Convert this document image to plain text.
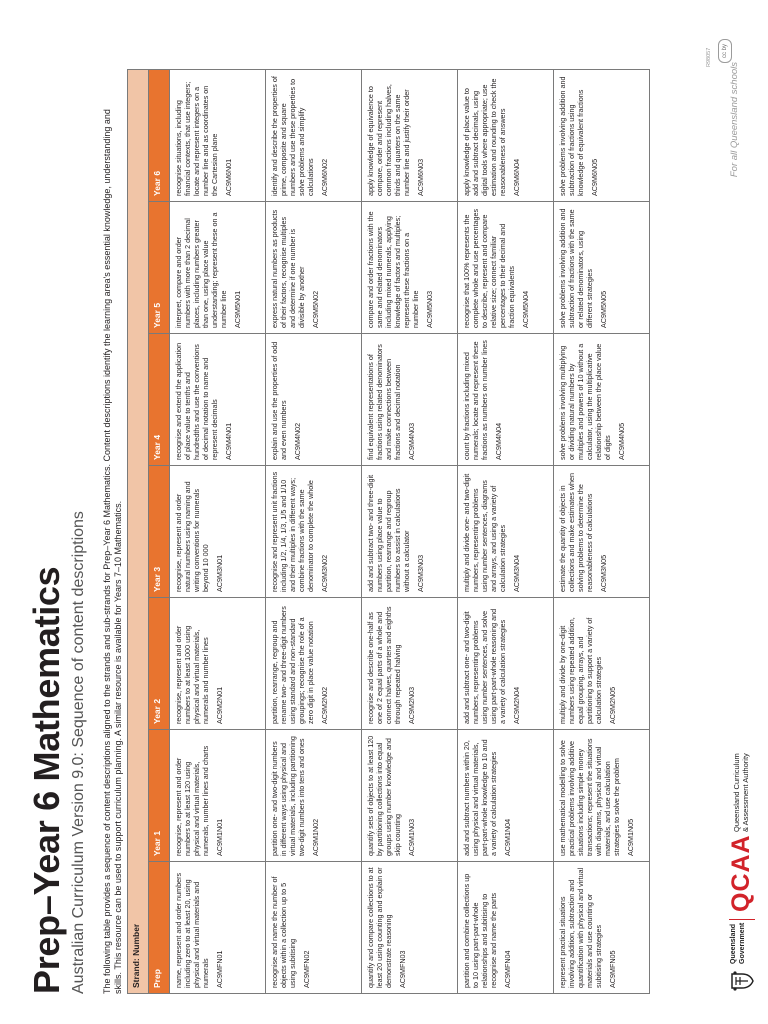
Prep–Year 6 Mathematics Australian Curriculum Version 9.0: Sequence of content descriptions The following table provides a sequence of content descriptions aligned to the strands and sub-strands for Prep–Year 6 Mathematics. Content descriptions identify the learning area's essential knowledge, understanding and skills. This resource can be used to support curriculum planning. A similar resource is available for Years 7–10 Mathematics. Strand: Number						
Prep	Year 1	Year 2	Year 3	Year 4	Year 5	Year 6
name, represent and order numbers including zero to at least 20, using physical and virtual materials and numerals AC9MFN01	recognise, represent and order numbers to at least 120 using physical and virtual materials, numerals, number lines and charts AC9M1N01	recognise, represent and order numbers to at least 1000 using physical and virtual materials, numerals and number lines AC9M2N01	recognise, represent and order natural numbers using naming and writing conventions for numerals beyond 10 000 AC9M3N01	recognise and extend the application of place value to tenths and hundredths and use the conventions of decimal notation to name and represent decimals AC9M4N01	interpret, compare and order numbers with more than 2 decimal places, including numbers greater than one, using place value understanding; represent these on a number line AC9M5N01	recognise situations, including financial contexts, that use integers; locate and represent integers on a number line and as coordinates on the Cartesian plane AC9M6N01

recognise and name the number of objects within a collection up to 5 using subitising AC9MFN02	partition one- and two-digit numbers in different ways using physical and virtual materials, including partitioning two-digit numbers into tens and ones AC9M1N02	partition, rearrange, regroup and rename two- and three-digit numbers using standard and non-standard groupings; recognise the role of a zero digit in place value notation AC9M2N02	recognise and represent unit fractions including 1/2, 1/4, 1/3, 1/5 and 1/10 and their multiples in different ways; combine fractions with the same denominator to complete the whole AC9M3N02	explain and use the properties of odd and even numbers AC9M4N02	express natural numbers as products of their factors, recognise multiples and determine if one number is divisible by another AC9M5N02	identify and describe the properties of prime, composite and square numbers and use these properties to solve problems and simplify calculations AC9M6N02

quantify and compare collections to at least 20 using counting and explain or demonstrate reasoning AC9MFN03	quantify sets of objects to at least 120 by partitioning collections into equal groups using number knowledge and skip counting AC9M1N03	recognise and describe one-half as one of 2 equal parts of a whole and connect halves, quarters and eighths through repeated halving AC9M2N03	add and subtract two- and three-digit numbers using place value to partition, rearrange and regroup numbers to assist in calculations without a calculator AC9M3N03	find equivalent representations of fractions using related denominators and make connections between fractions and decimal notation AC9M4N03	compare and order fractions with the same and related denominators including mixed numerals, applying knowledge of factors and multiples; represent these fractions on a number line AC9M5N03	apply knowledge of equivalence to compare, order and represent common fractions including halves, thirds and quarters on the same number line and justify their order AC9M6N03

partition and combine collections up to 10 using part-part-whole relationships and subitising to recognise and name the parts AC9MFN04	add and subtract numbers within 20, using physical and virtual materials, part-part-whole knowledge to 10 and a variety of calculation strategies AC9M1N04	add and subtract one- and two-digit numbers, representing problems using number sentences, and solve using part-part-whole reasoning and a variety of calculation strategies AC9M2N04	multiply and divide one- and two-digit numbers, representing problems using number sentences, diagrams and arrays, and using a variety of calculation strategies AC9M3N04	count by fractions including mixed numerals; locate and represent these fractions as numbers on number lines AC9M4N04	recognise that 100% represents the complete whole and use percentages to describe, represent and compare relative size; connect familiar percentages to their decimal and fraction equivalents AC9M5N04	apply knowledge of place value to add and subtract decimals, using digital tools where appropriate; use estimation and rounding to check the reasonableness of answers AC9M6N04

represent practical situations involving addition, subtraction and quantification with physical and virtual materials and use counting or subitising strategies AC9MFN05	use mathematical modelling to solve practical problems involving additive situations including simple money transactions; represent the situations with diagrams, physical and virtual materials, and use calculation strategies to solve the problem AC9M1N05	multiply and divide by one-digit numbers using repeated addition, equal grouping, arrays, and partitioning to support a variety of calculation strategies AC9M2N05	estimate the quantity of objects in collections and make estimates when solving problems to determine the reasonableness of calculations AC9M3N05	solve problems involving multiplying or dividing natural numbers by multiples and powers of 10 without a calculator, using the multiplicative relationship between the place value of digits AC9M4N05	solve problems involving addition and subtraction of fractions with the same or related denominators, using different strategies AC9M5N05	solve problems involving addition and subtraction of fractions using knowledge of equivalent fractions AC9M6N05
Queensland Government
QCAA
Queensland Curriculum & Assessment Authority
R98057	cc by
For all Queensland schools
